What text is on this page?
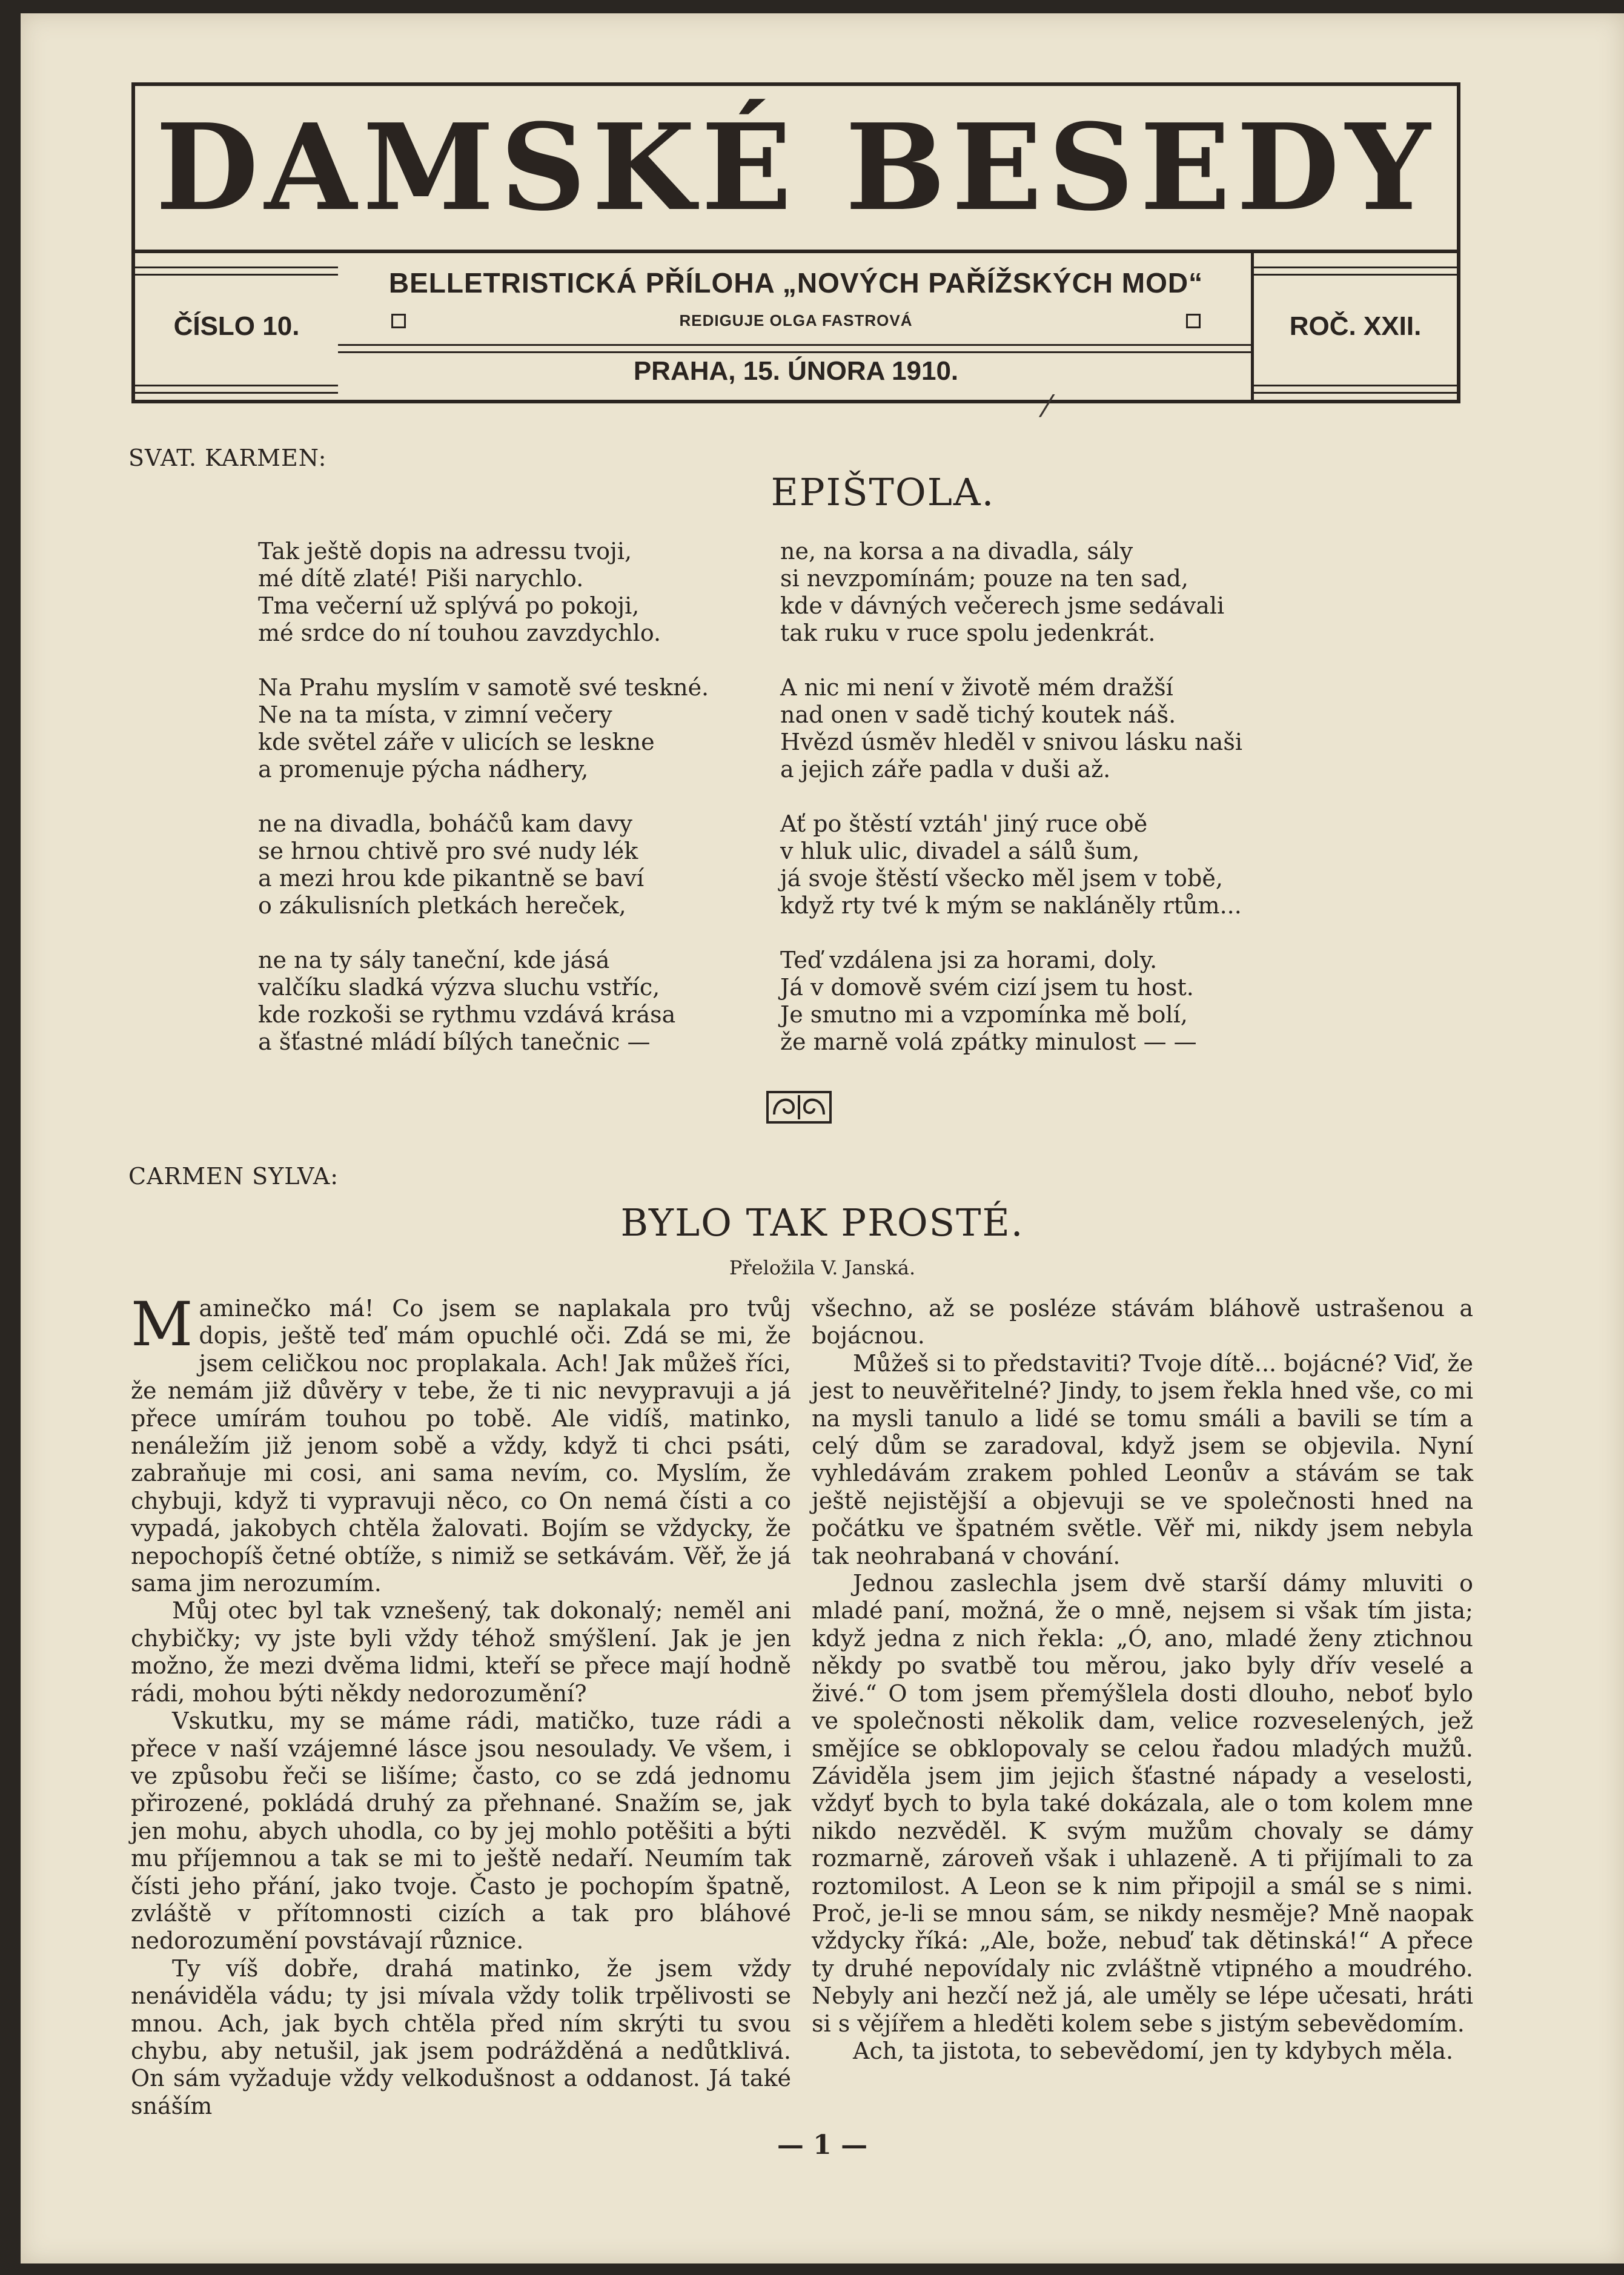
DAMSKÉ BESEDY
ČÍSLO 10.
BELLETRISTICKÁ PŘÍLOHA „NOVÝCH PAŘÍŽSKÝCH MOD“
REDIGUJE OLGA FASTROVÁ
PRAHA, 15. ÚNORA 1910.
ROČ. XXII.
⁄
SVAT. KARMEN:
EPIŠTOLA.
Tak ještě dopis na adressu tvoji,
mé dítě zlaté! Piši narychlo.
Tma večerní už splývá po pokoji,
mé srdce do ní touhou zavzdychlo.
Na Prahu myslím v samotě své teskné.
Ne na ta místa, v zimní večery
kde světel záře v ulicích se leskne
a promenuje pýcha nádhery,
ne na divadla, boháčů kam davy
se hrnou chtivě pro své nudy lék
a mezi hrou kde pikantně se baví
o zákulisních pletkách hereček,
ne na ty sály taneční, kde jásá
valčíku sladká výzva sluchu vstříc,
kde rozkoši se rythmu vzdává krása
a šťastné mládí bílých tanečnic —
ne, na korsa a na divadla, sály
si nevzpomínám; pouze na ten sad,
kde v dávných večerech jsme sedávali
tak ruku v ruce spolu jedenkrát.
A nic mi není v životě mém dražší
nad onen v sadě tichý koutek náš.
Hvězd úsměv hleděl v snivou lásku naši
a jejich záře padla v duši až.
Ať po štěstí vztáh' jiný ruce obě
v hluk ulic, divadel a sálů šum,
já svoje štěstí všecko měl jsem v tobě,
když rty tvé k mým se nakláněly rtům...
Teď vzdálena jsi za horami, doly.
Já v domově svém cizí jsem tu host.
Je smutno mi a vzpomínka mě bolí,
že marně volá zpátky minulost — —
CARMEN SYLVA:
BYLO TAK PROSTÉ.
Přeložila V. Janská.

Maminečko má! Co jsem se naplakala pro tvůj dopis, ještě teď mám opuchlé oči. Zdá se mi, že jsem celičkou noc proplakala. Ach! Jak můžeš říci, že nemám již důvěry v tebe, že ti nic nevypravuji a já přece umírám touhou po tobě. Ale vidíš, matinko, nenáležím již jenom sobě a vždy, když ti chci psáti, zabraňuje mi cosi, ani sama nevím, co. Myslím, že chybuji, když ti vypravuji něco, co On nemá čísti a co vypadá, jakobych chtěla žalovati. Bojím se vždycky, že nepochopíš četné obtíže, s nimiž se setkávám. Věř, že já sama jim nerozumím.

Můj otec byl tak vznešený, tak dokonalý; neměl ani chybičky; vy jste byli vždy téhož smýšlení. Jak je jen možno, že mezi dvěma lidmi, kteří se přece mají hodně rádi, mohou býti někdy nedorozumění?

Vskutku, my se máme rádi, matičko, tuze rádi a přece v naší vzájemné lásce jsou nesoulady. Ve všem, i ve způsobu řeči se lišíme; často, co se zdá jednomu přirozené, pokládá druhý za přehnané. Snažím se, jak jen mohu, abych uhodla, co by jej mohlo potěšiti a býti mu příjemnou a tak se mi to ještě nedaří. Neumím tak čísti jeho přání, jako tvoje. Často je pochopím špatně, zvláště v přítomnosti cizích a tak pro bláhové nedorozumění povstávají různice.

Ty víš dobře, drahá matinko, že jsem vždy nenáviděla vádu; ty jsi mívala vždy tolik trpělivosti se mnou. Ach, jak bych chtěla před ním skrýti tu svou chybu, aby netušil, jak jsem podrážděná a nedůtklivá. On sám vyžaduje vždy velkodušnost a oddanost. Já také snáším

všechno, až se posléze stávám bláhově ustrašenou a bojácnou.

Můžeš si to představiti? Tvoje dítě... bojácné? Viď, že jest to neuvěřitelné? Jindy, to jsem řekla hned vše, co mi na mysli tanulo a lidé se tomu smáli a bavili se tím a celý dům se zaradoval, když jsem se objevila. Nyní vyhledávám zrakem pohled Leonův a stávám se tak ještě nejistější a objevuji se ve společnosti hned na počátku ve špatném světle. Věř mi, nikdy jsem nebyla tak neohrabaná v chování.

Jednou zaslechla jsem dvě starší dámy mluviti o mladé paní, možná, že o mně, nejsem si však tím jista; když jedna z nich řekla: „Ó, ano, mladé ženy ztichnou někdy po svatbě tou měrou, jako byly dřív veselé a živé.“ O tom jsem přemýšlela dosti dlouho, neboť bylo ve společnosti několik dam, velice rozveselených, jež smějíce se obklopovaly se celou řadou mladých mužů. Záviděla jsem jim jejich šťastné nápady a veselosti, vždyť bych to byla také dokázala, ale o tom kolem mne nikdo nezvěděl. K svým mužům chovaly se dámy rozmarně, zároveň však i uhlazeně. A ti přijímali to za roztomilost. A Leon se k nim připojil a smál se s nimi. Proč, je-li se mnou sám, se nikdy nesměje? Mně naopak vždycky říká: „Ale, bože, nebuď tak dětinská!“ A přece ty druhé nepovídaly nic zvláštně vtipného a moudrého. Nebyly ani hezčí než já, ale uměly se lépe učesati, hráti si s vějířem a hleděti kolem sebe s jistým sebevědomím.

Ach, ta jistota, to sebevědomí, jen ty kdybych měla.

— 1 —
